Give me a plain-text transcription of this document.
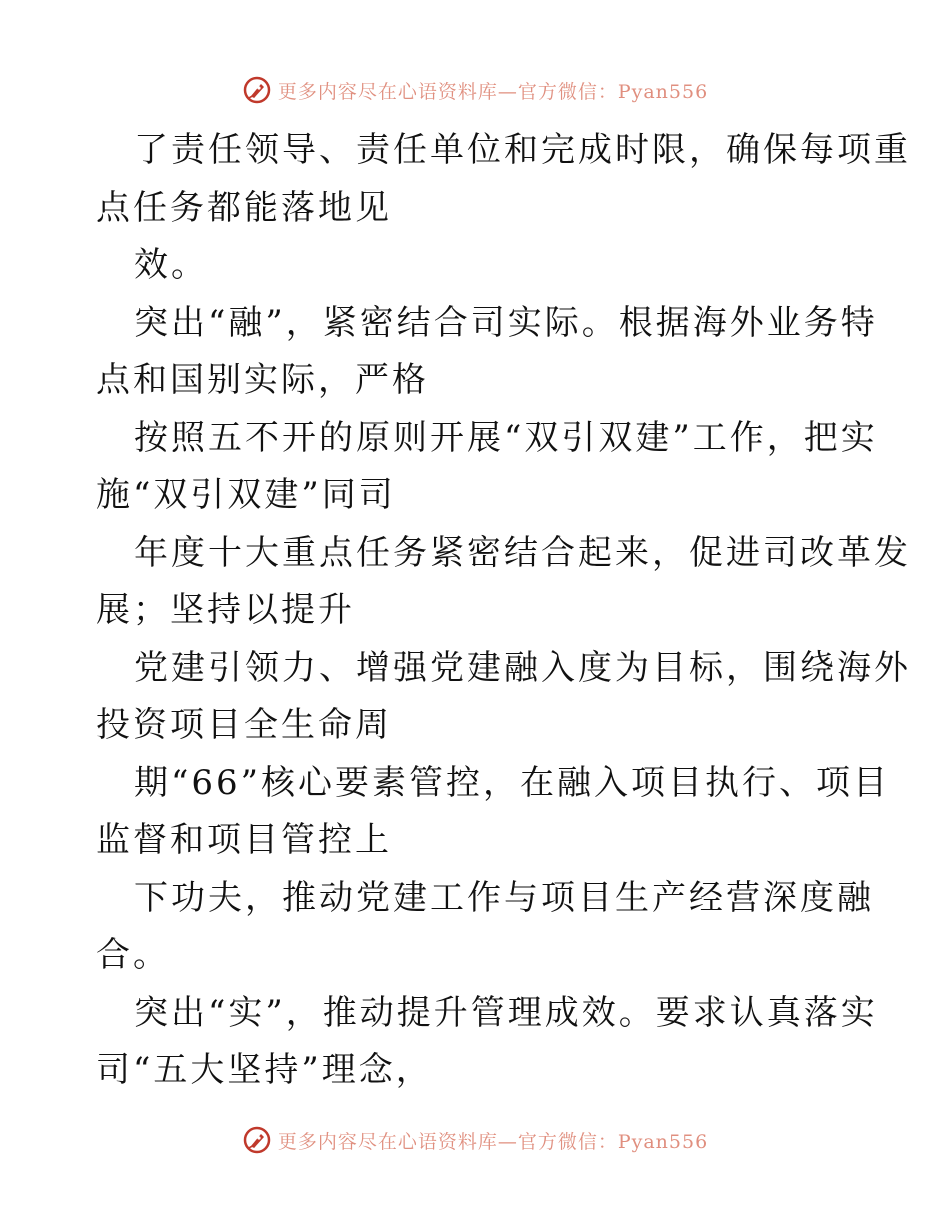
更多内容尽在心语资料库—官方微信：Pyan556
了责任领导、责任单位和完成时限，确保每项重
点任务都能落地见
效。
突出“融”，紧密结合司实际。根据海外业务特
点和国别实际，严格
按照五不开的原则开展“双引双建”工作，把实
施“双引双建”同司
年度十大重点任务紧密结合起来，促进司改革发
展；坚持以提升
党建引领力、增强党建融入度为目标，围绕海外
投资项目全生命周
期“66”核心要素管控，在融入项目执行、项目
监督和项目管控上
下功夫，推动党建工作与项目生产经营深度融
合。
突出“实”，推动提升管理成效。要求认真落实
司“五大坚持”理念，
更多内容尽在心语资料库—官方微信：Pyan556
